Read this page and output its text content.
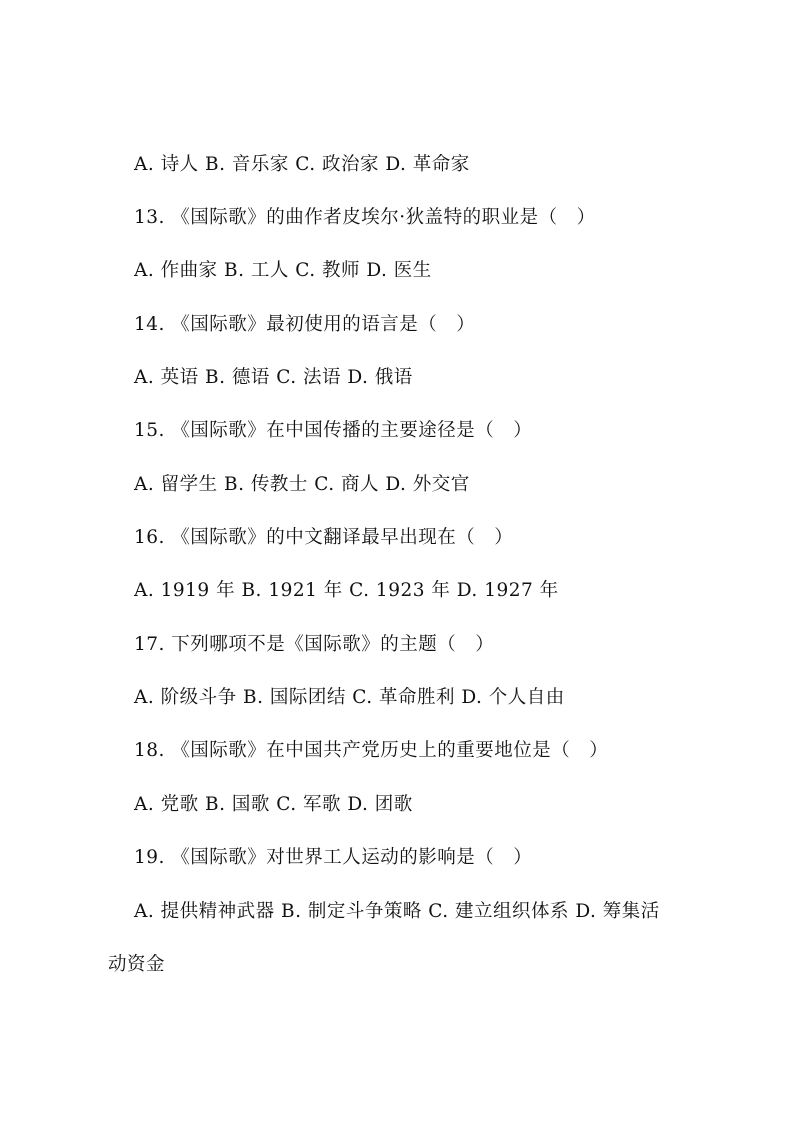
A. 诗人 B. 音乐家 C. 政治家 D. 革命家
13. 《国际歌》的曲作者皮埃尔·狄盖特的职业是（　）
A. 作曲家 B. 工人 C. 教师 D. 医生
14. 《国际歌》最初使用的语言是（　）
A. 英语 B. 德语 C. 法语 D. 俄语
15. 《国际歌》在中国传播的主要途径是（　）
A. 留学生 B. 传教士 C. 商人 D. 外交官
16. 《国际歌》的中文翻译最早出现在（　）
A. 1919 年 B. 1921 年 C. 1923 年 D. 1927 年
17. 下列哪项不是《国际歌》的主题（　）
A. 阶级斗争 B. 国际团结 C. 革命胜利 D. 个人自由
18. 《国际歌》在中国共产党历史上的重要地位是（　）
A. 党歌 B. 国歌 C. 军歌 D. 团歌
19. 《国际歌》对世界工人运动的影响是（　）
A. 提供精神武器 B. 制定斗争策略 C. 建立组织体系 D. 筹集活动资金
